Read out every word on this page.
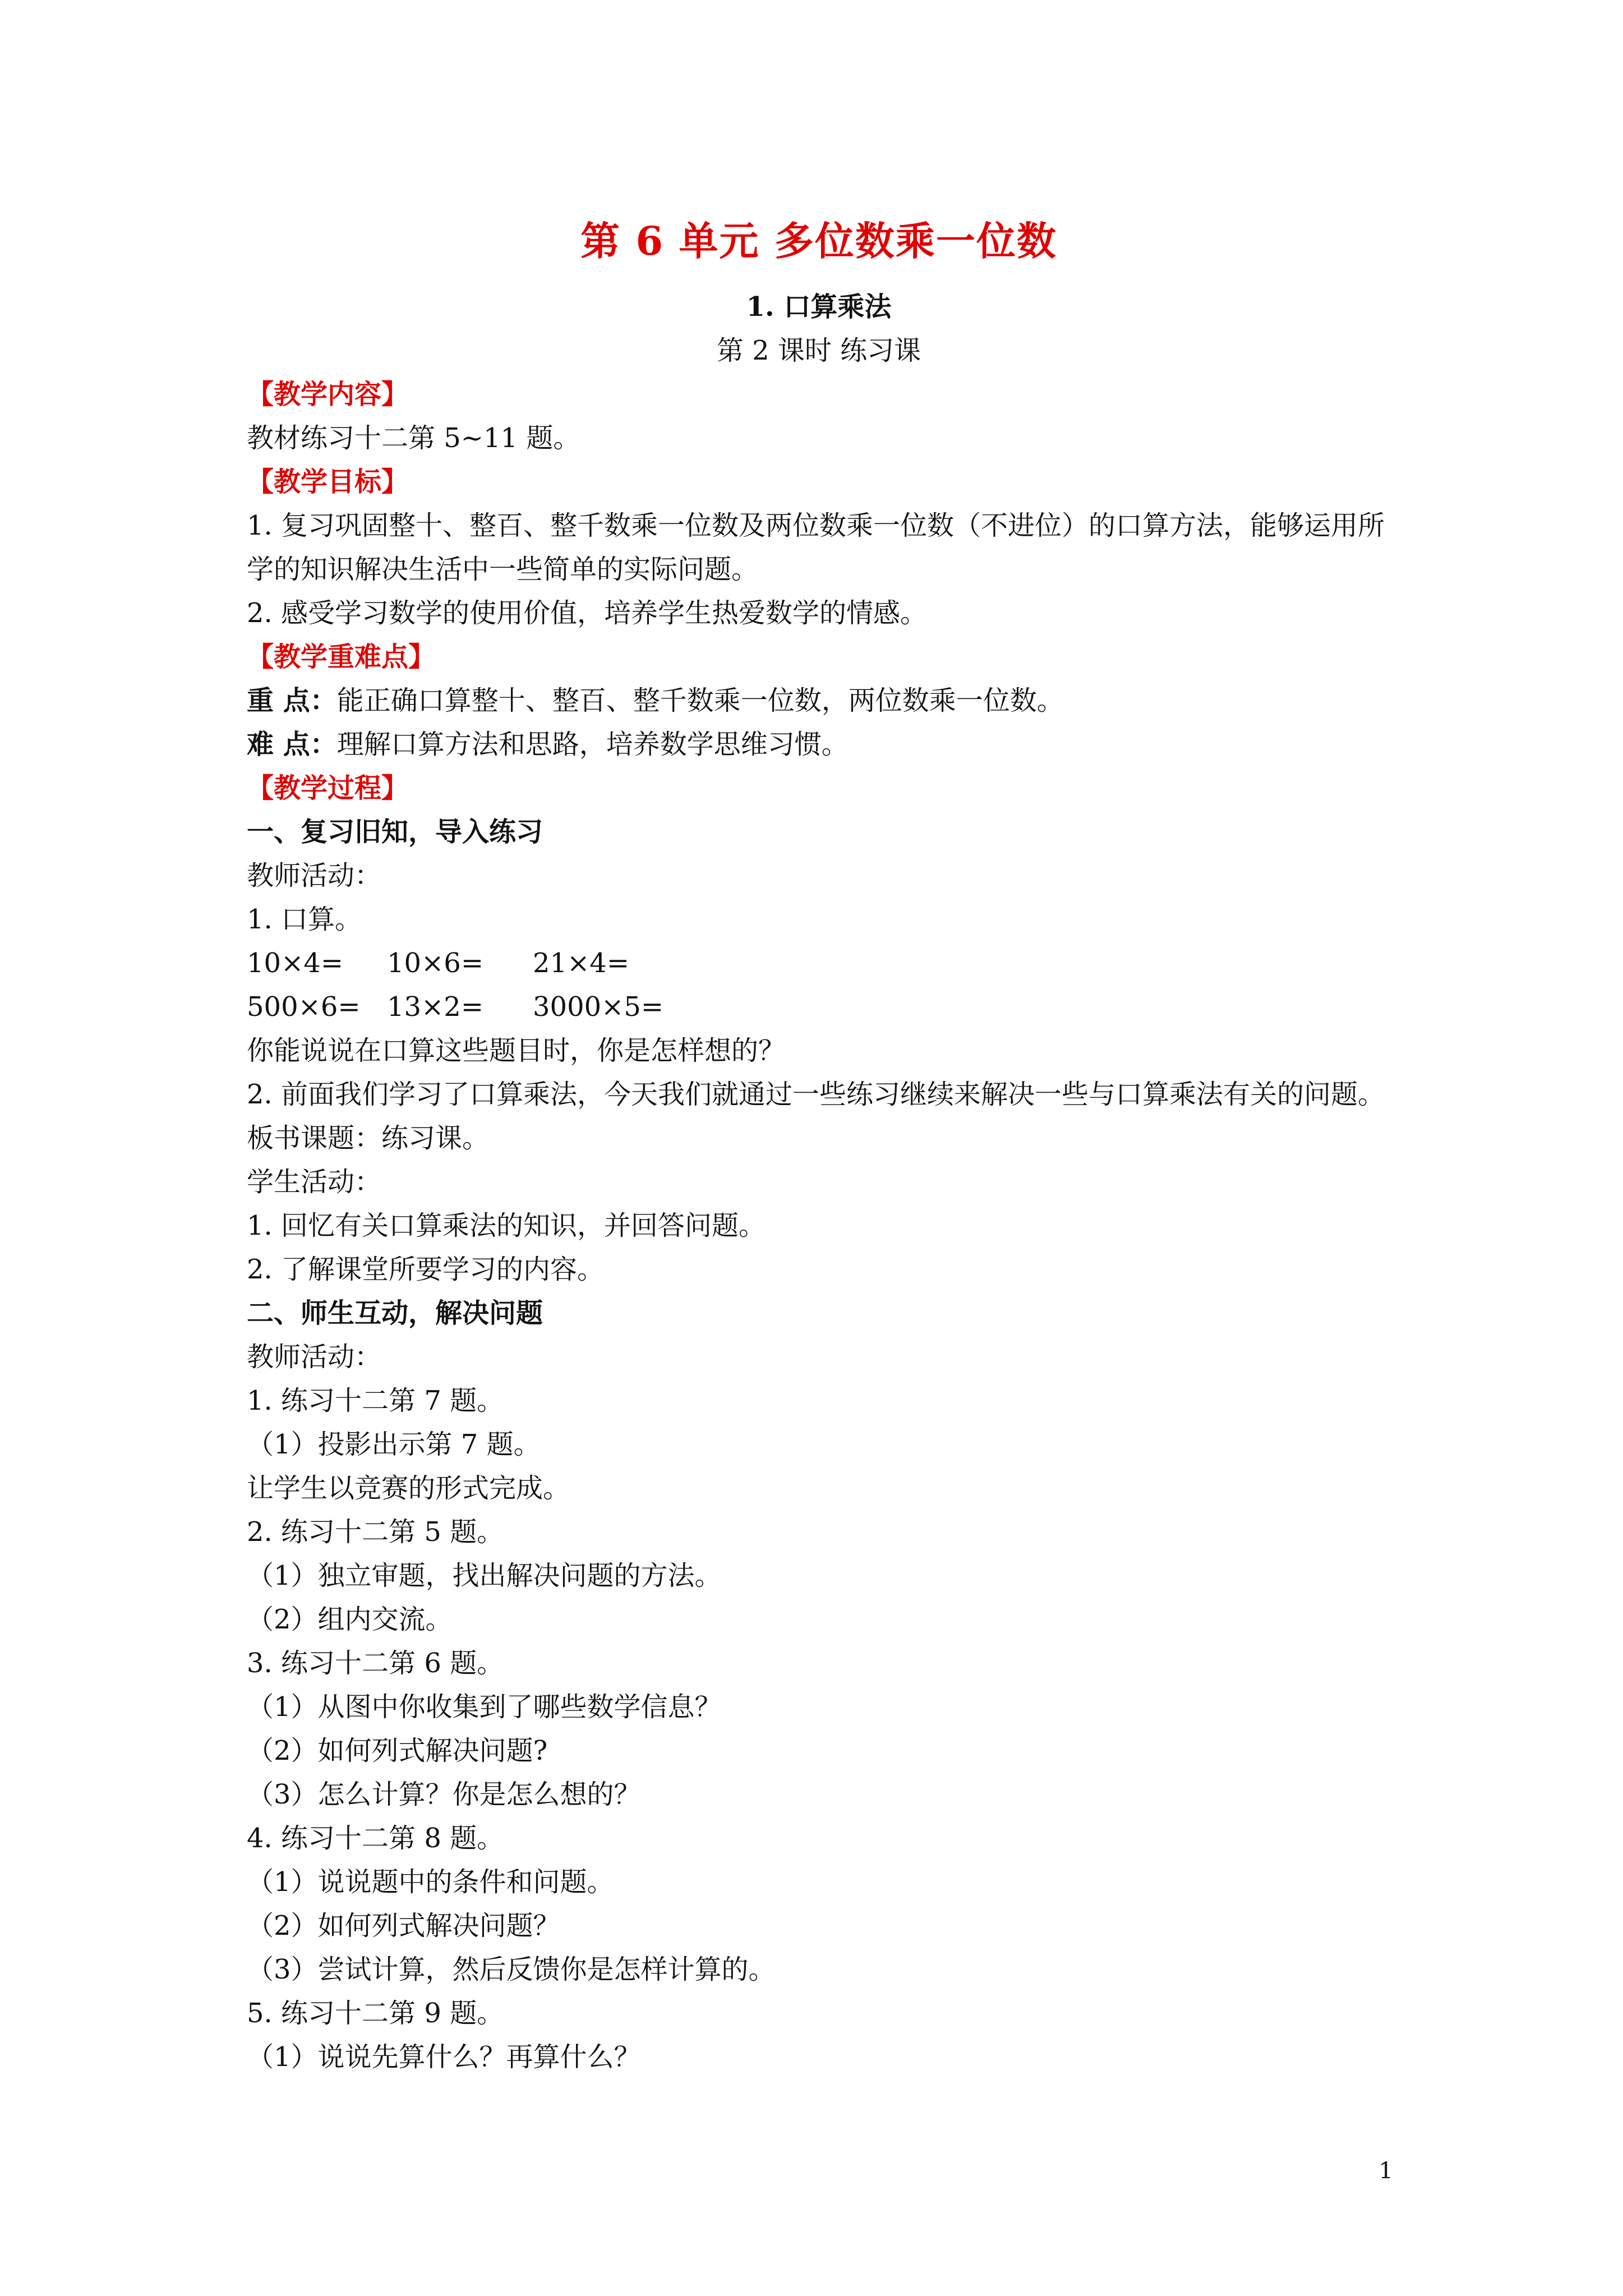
第 6 单元 多位数乘一位数
1. 口算乘法
第 2 课时 练习课
【教学内容】
教材练习十二第 5~11 题。
【教学目标】
1. 复习巩固整十、整百、整千数乘一位数及两位数乘一位数（不进位）的口算方法，能够运用所学的知识解决生活中一些简单的实际问题。
2. 感受学习数学的使用价值，培养学生热爱数学的情感。
【教学重难点】
重 点：能正确口算整十、整百、整千数乘一位数，两位数乘一位数。
难 点：理解口算方法和思路，培养数学思维习惯。
【教学过程】
一、复习旧知，导入练习
教师活动：
1. 口算。
10×4= 10×6= 21×4=
500×6= 13×2= 3000×5=
你能说说在口算这些题目时，你是怎样想的？
2. 前面我们学习了口算乘法，今天我们就通过一些练习继续来解决一些与口算乘法有关的问题。
板书课题：练习课。
学生活动：
1. 回忆有关口算乘法的知识，并回答问题。
2. 了解课堂所要学习的内容。
二、师生互动，解决问题
教师活动：
1. 练习十二第 7 题。
（1）投影出示第 7 题。
让学生以竞赛的形式完成。
2. 练习十二第 5 题。
（1）独立审题，找出解决问题的方法。
（2）组内交流。
3. 练习十二第 6 题。
（1）从图中你收集到了哪些数学信息？
（2）如何列式解决问题?
（3）怎么计算？你是怎么想的？
4. 练习十二第 8 题。
（1）说说题中的条件和问题。
（2）如何列式解决问题？
（3）尝试计算，然后反馈你是怎样计算的。
5. 练习十二第 9 题。
（1）说说先算什么？再算什么？
1
